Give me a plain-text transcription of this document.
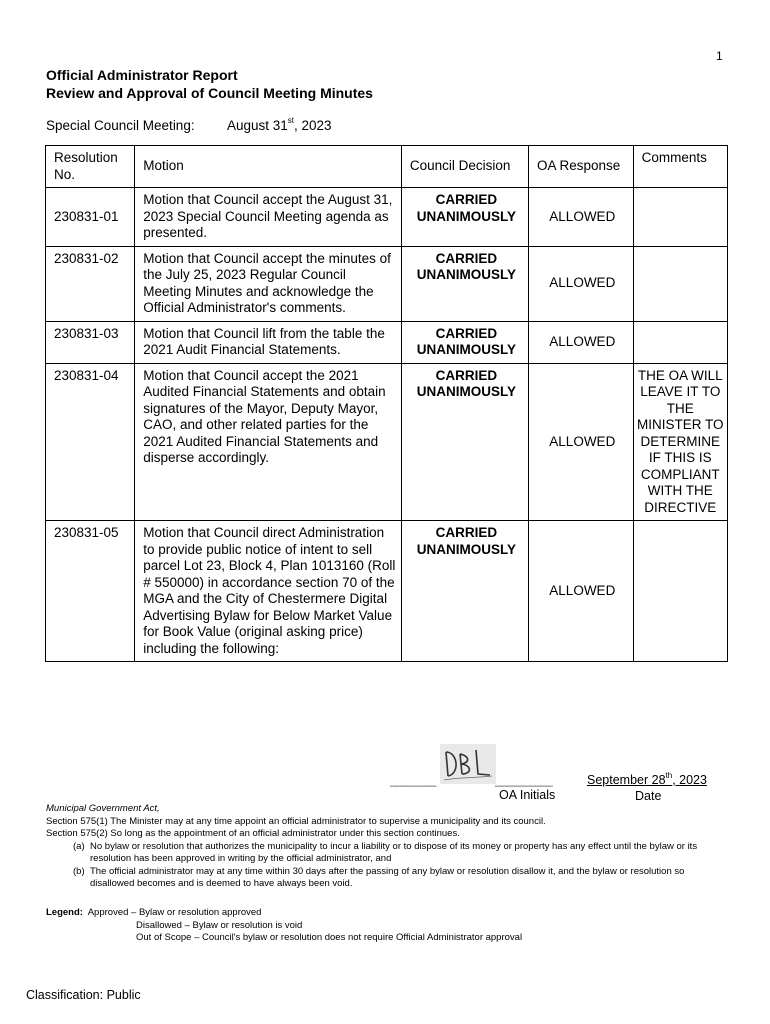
1
Official Administrator Report
Review and Approval of Council Meeting Minutes
Special Council Meeting: August 31st, 2023
Resolution No.	Motion	Council Decision	OA Response	Comments
230831-01	Motion that Council accept the August 31, 2023 Special Council Meeting agenda as presented.	CARRIED UNANIMOUSLY	ALLOWED	
230831-02	Motion that Council accept the minutes of the July 25, 2023 Regular Council Meeting Minutes and acknowledge the Official Administrator's comments.	CARRIED UNANIMOUSLY	ALLOWED	
230831-03	Motion that Council lift from the table the 2021 Audit Financial Statements.	CARRIED UNANIMOUSLY	ALLOWED	
230831-04	Motion that Council accept the 2021 Audited Financial Statements and obtain signatures of the Mayor, Deputy Mayor, CAO, and other related parties for the 2021 Audited Financial Statements and disperse accordingly.	CARRIED UNANIMOUSLY	ALLOWED	THE OA WILL LEAVE IT TO THE MINISTER TO DETERMINE IF THIS IS COMPLIANT WITH THE DIRECTIVE
230831-05	Motion that Council direct Administration to provide public notice of intent to sell parcel Lot 23, Block 4, Plan 1013160 (Roll # 550000) in accordance section 70 of the MGA and the City of Chestermere Digital Advertising Bylaw for Below Market Value for Book Value (original asking price) including the following:	CARRIED UNANIMOUSLY	ALLOWED	
________	__________
OA Initials
September 28th, 2023
Date
Municipal Government Act,
Section 575(1) The Minister may at any time appoint an official administrator to supervise a municipality and its council.
Section 575(2) So long as the appointment of an official administrator under this section continues.
(a) No bylaw or resolution that authorizes the municipality to incur a liability or to dispose of its money or property has any effect until the bylaw or its resolution has been approved in writing by the official administrator, and
(b) The official administrator may at any time within 30 days after the passing of any bylaw or resolution disallow it, and the bylaw or resolution so disallowed becomes and is deemed to have always been void.
Legend: Approved – Bylaw or resolution approved
Disallowed – Bylaw or resolution is void
Out of Scope – Council's bylaw or resolution does not require Official Administrator approval
Classification: Public
